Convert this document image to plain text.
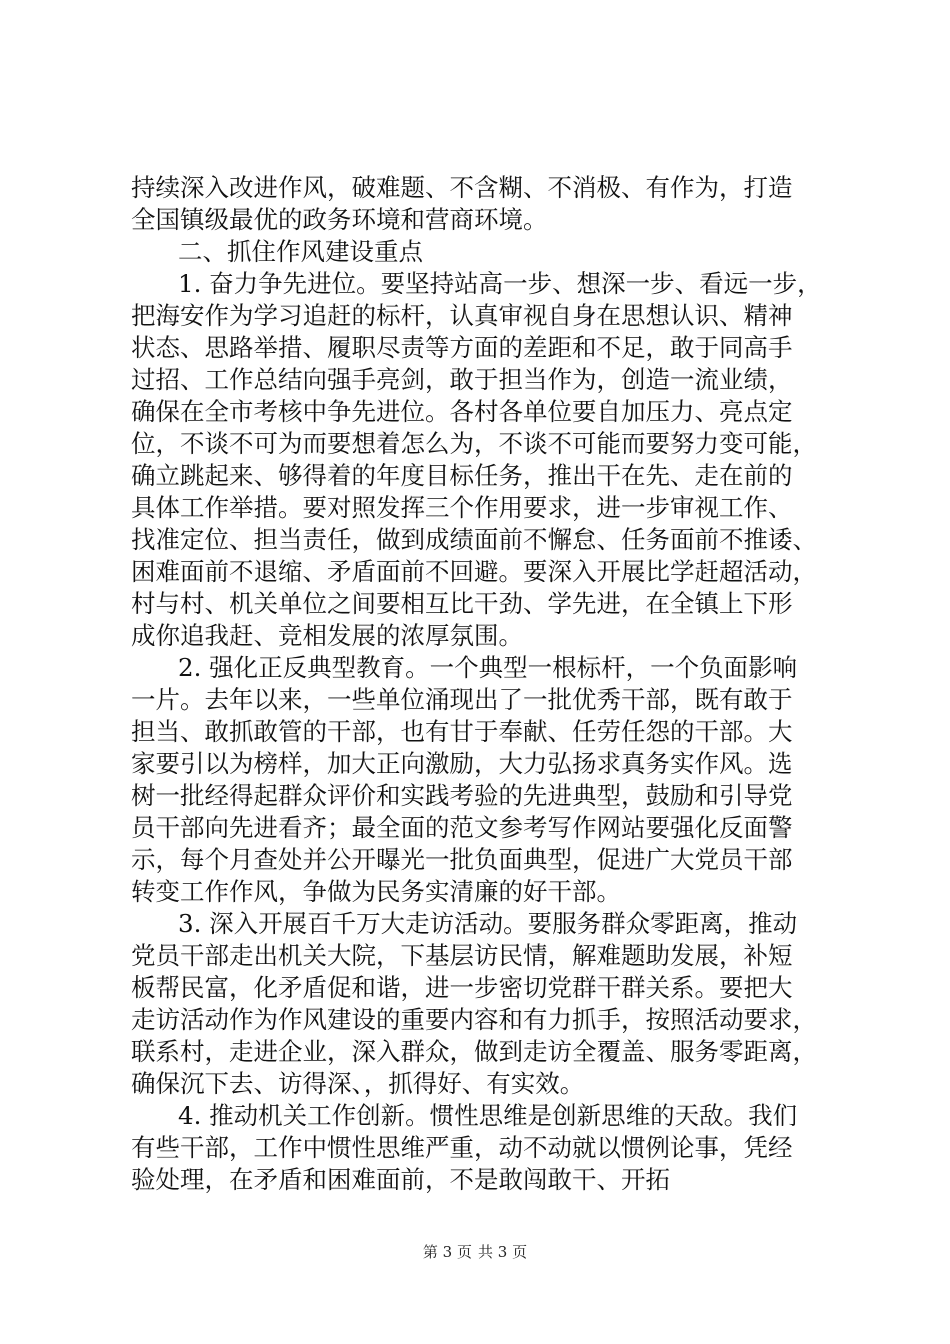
持续深入改进作风，破难题、不含糊、不消极、有作为，打造
全国镇级最优的政务环境和营商环境。
二、抓住作风建设重点
1. 奋力争先进位。要坚持站高一步、想深一步、看远一步，
把海安作为学习追赶的标杆，认真审视自身在思想认识、精神
状态、思路举措、履职尽责等方面的差距和不足，敢于同高手
过招、工作总结向强手亮剑，敢于担当作为，创造一流业绩，
确保在全市考核中争先进位。各村各单位要自加压力、亮点定
位，不谈不可为而要想着怎么为，不谈不可能而要努力变可能，
确立跳起来、够得着的年度目标任务，推出干在先、走在前的
具体工作举措。要对照发挥三个作用要求，进一步审视工作、
找准定位、担当责任，做到成绩面前不懈怠、任务面前不推诿、
困难面前不退缩、矛盾面前不回避。要深入开展比学赶超活动，
村与村、机关单位之间要相互比干劲、学先进，在全镇上下形
成你追我赶、竞相发展的浓厚氛围。
2. 强化正反典型教育。一个典型一根标杆，一个负面影响
一片。去年以来，一些单位涌现出了一批优秀干部，既有敢于
担当、敢抓敢管的干部，也有甘于奉献、任劳任怨的干部。大
家要引以为榜样，加大正向激励，大力弘扬求真务实作风。选
树一批经得起群众评价和实践考验的先进典型，鼓励和引导党
员干部向先进看齐；最全面的范文参考写作网站要强化反面警
示，每个月查处并公开曝光一批负面典型，促进广大党员干部
转变工作作风，争做为民务实清廉的好干部。
3. 深入开展百千万大走访活动。要服务群众零距离，推动
党员干部走出机关大院，下基层访民情，解难题助发展，补短
板帮民富，化矛盾促和谐，进一步密切党群干群关系。要把大
走访活动作为作风建设的重要内容和有力抓手，按照活动要求，
联系村，走进企业，深入群众，做到走访全覆盖、服务零距离，
确保沉下去、访得深、，抓得好、有实效。
4. 推动机关工作创新。惯性思维是创新思维的天敌。我们
有些干部，工作中惯性思维严重，动不动就以惯例论事，凭经
验处理，在矛盾和困难面前，不是敢闯敢干、开拓
第 3 页 共 3 页
